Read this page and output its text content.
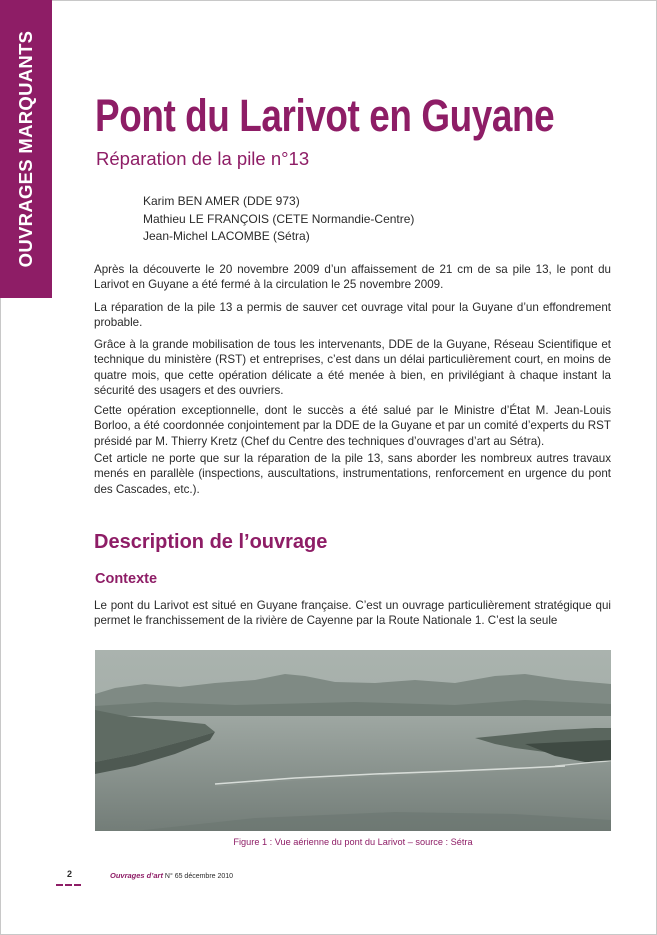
OUVRAGES MARQUANTS Pont du Larivot en Guyane
Réparation de la pile n°13
Karim BEN AMER (DDE 973)
Mathieu LE FRANÇOIS (CETE Normandie-Centre)
Jean-Michel LACOMBE (Sétra)

Après la découverte le 20 novembre 2009 d’un affaissement de 21 cm de sa pile 13, le pont du Larivot en Guyane a été fermé à la circulation le 25 novembre 2009.

La réparation de la pile 13 a permis de sauver cet ouvrage vital pour la Guyane d’un effondrement probable.

Grâce à la grande mobilisation de tous les intervenants, DDE de la Guyane, Réseau Scientifique et technique du ministère (RST) et entreprises, c’est dans un délai particulièrement court, en moins de quatre mois, que cette opération délicate a été menée à bien, en privilégiant à chaque instant la sécurité des usagers et des ouvriers.

Cette opération exceptionnelle, dont le succès a été salué par le Ministre d’État M. Jean-Louis Borloo, a été coordonnée conjointement par la DDE de la Guyane et par un comité d’experts du RST présidé par M. Thierry Kretz (Chef du Centre des techniques d’ouvrages d’art au Sétra).

Cet article ne porte que sur la réparation de la pile 13, sans aborder les nombreux autres travaux menés en parallèle (inspections, auscultations, instrumentations, renforcement en urgence du pont des Cascades, etc.).

Description de l’ouvrage
Contexte

Le pont du Larivot est situé en Guyane française. C’est un ouvrage particulièrement stratégique qui permet le franchissement de la rivière de Cayenne par la Route Nationale 1. C’est la seule

Figure 1 : Vue aérienne du pont du Larivot – source : Sétra
2	Ouvrages d’art N° 65 décembre 2010
